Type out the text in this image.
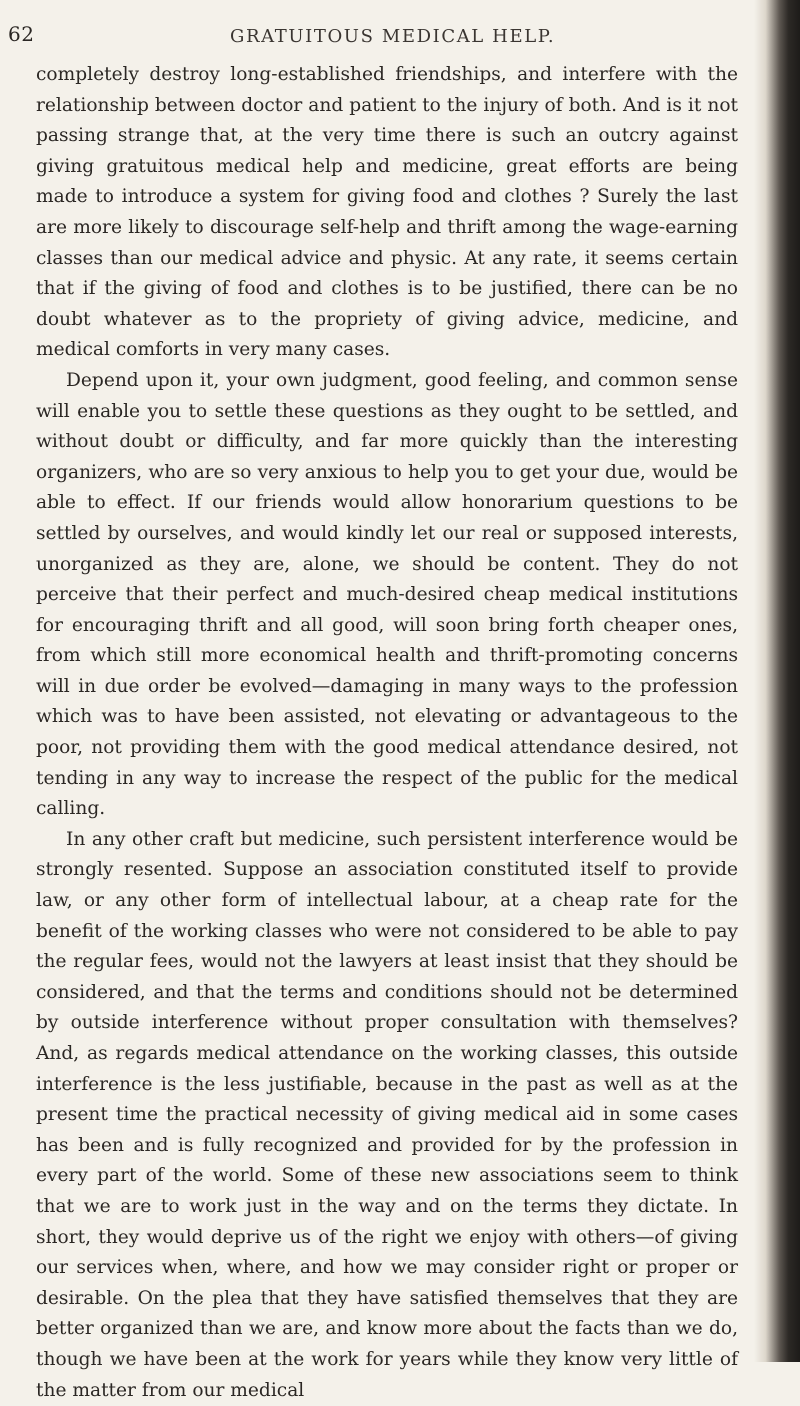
62	GRATUITOUS MEDICAL HELP.

completely destroy long-established friendships, and interfere with the relationship between doctor and patient to the injury of both. And is it not passing strange that, at the very time there is such an outcry against giving gratuitous medical help and medicine, great efforts are being made to introduce a system for giving food and clothes ? Surely the last are more likely to discourage self-help and thrift among the wage-earning classes than our medical advice and physic. At any rate, it seems certain that if the giving of food and clothes is to be justified, there can be no doubt whatever as to the propriety of giving advice, medicine, and medical comforts in very many cases.

Depend upon it, your own judgment, good feeling, and common sense will enable you to settle these questions as they ought to be settled, and without doubt or difficulty, and far more quickly than the interesting organizers, who are so very anxious to help you to get your due, would be able to effect. If our friends would allow honorarium questions to be settled by ourselves, and would kindly let our real or supposed interests, unorganized as they are, alone, we should be content. They do not perceive that their perfect and much-desired cheap medical institutions for encouraging thrift and all good, will soon bring forth cheaper ones, from which still more economical health and thrift-promoting concerns will in due order be evolved—damaging in many ways to the profession which was to have been assisted, not elevating or advantageous to the poor, not providing them with the good medical attendance desired, not tending in any way to increase the respect of the public for the medical calling.

In any other craft but medicine, such persistent interference would be strongly resented. Suppose an association constituted itself to provide law, or any other form of intellectual labour, at a cheap rate for the benefit of the working classes who were not considered to be able to pay the regular fees, would not the lawyers at least insist that they should be considered, and that the terms and conditions should not be determined by outside interference without proper consultation with themselves? And, as regards medical attendance on the working classes, this outside interference is the less justifiable, because in the past as well as at the present time the practical necessity of giving medical aid in some cases has been and is fully recognized and provided for by the profession in every part of the world. Some of these new associations seem to think that we are to work just in the way and on the terms they dictate. In short, they would deprive us of the right we enjoy with others—of giving our services when, where, and how we may consider right or proper or desirable. On the plea that they have satisfied themselves that they are better organized than we are, and know more about the facts than we do, though we have been at the work for years while they know very little of the matter from our medical
